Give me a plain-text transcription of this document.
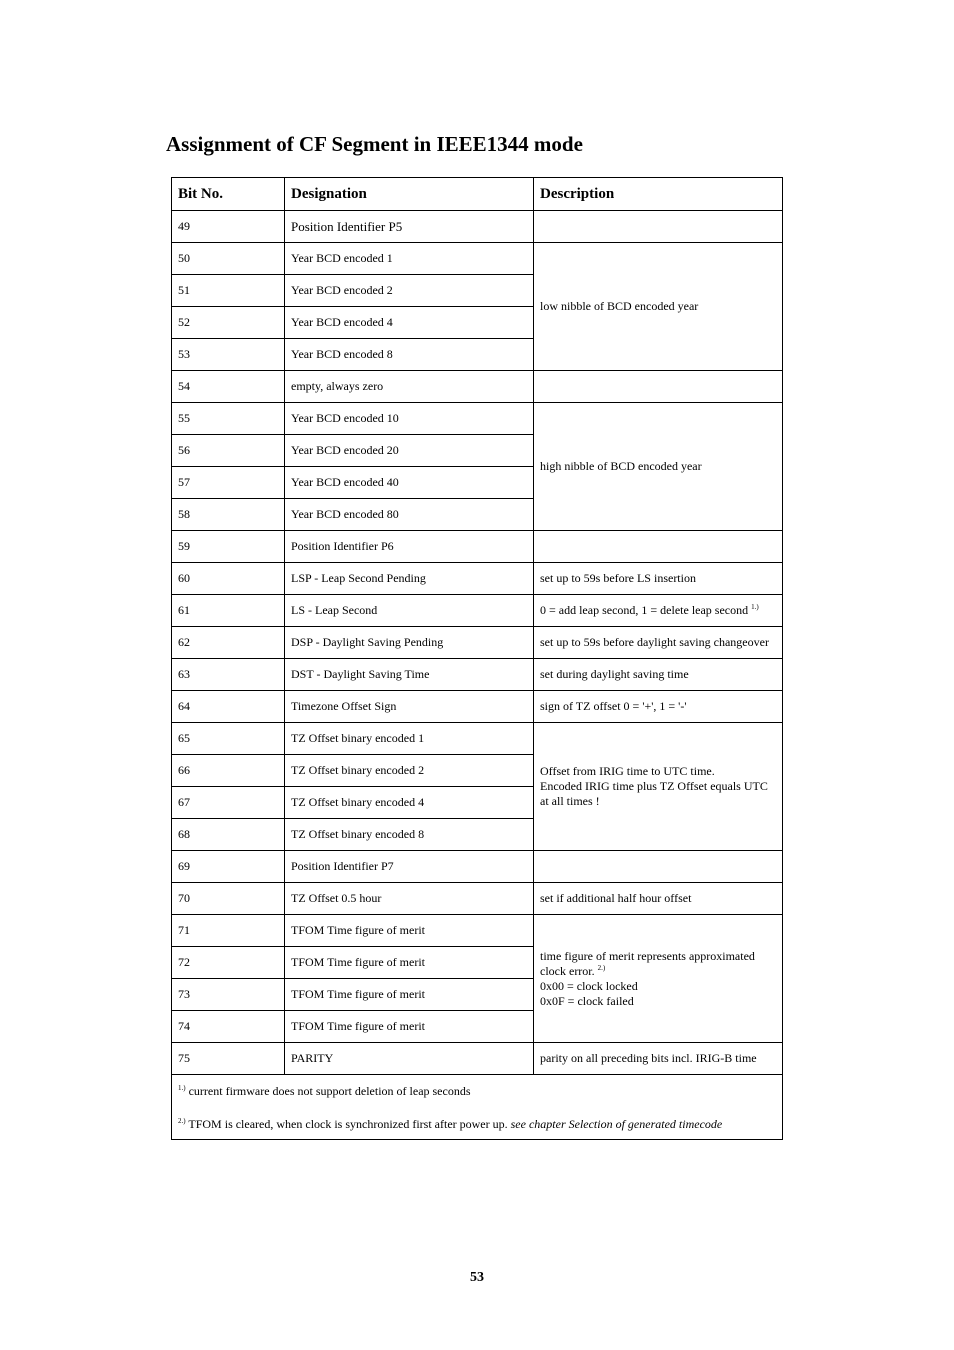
Assignment of CF Segment in IEEE1344 mode
Bit No.	Designation	Description
49	Position Identifier P5	
50	Year BCD encoded 1	low nibble of BCD encoded year
51	Year BCD encoded 2	
52	Year BCD encoded 4	
53	Year BCD encoded 8	
54	empty, always zero	
55	Year BCD encoded 10	high nibble of BCD encoded year
56	Year BCD encoded 20	
57	Year BCD encoded 40	
58	Year BCD encoded 80	
59	Position Identifier P6	
60	LSP - Leap Second Pending	set up to 59s before LS insertion
61	LS - Leap Second	0 = add leap second, 1 = delete leap second $^{1.)}$
62	DSP - Daylight Saving Pending	set up to 59s before daylight saving changeover
63	DST - Daylight Saving Time	set during daylight saving time
64	Timezone Offset Sign	sign of TZ offset 0 = '+', 1 = '-'
65	TZ Offset binary encoded 1	Offset from IRIG time to UTC time.
Encoded IRIG time plus TZ Offset equals UTC at all times !

66	TZ Offset binary encoded 2	
67	TZ Offset binary encoded 4	
68	TZ Offset binary encoded 8	
69	Position Identifier P7	
70	TZ Offset 0.5 hour	set if additional half hour offset
71	TFOM Time figure of merit	time figure of merit represents approximated clock error. $^{2.)}$
0x00 = clock locked
0x0F = clock failed

72	TFOM Time figure of merit	
73	TFOM Time figure of merit	
74	TFOM Time figure of merit	
75	PARITY	parity on all preceding bits incl. IRIG-B time

$^{1.)}$ current firmware does not support deletion of leap seconds
$^{2.)}$ TFOM is cleared, when clock is synchronized first after power up. see chapter Selection of generated timecode		
53
